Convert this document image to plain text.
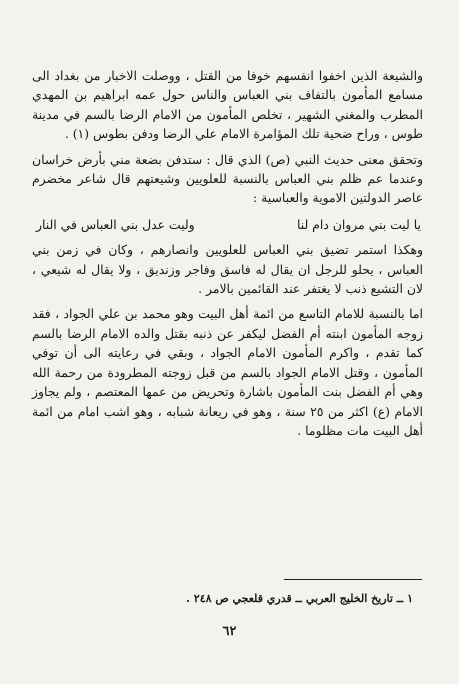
والشيعة الذين اخفوا انفسهم خوفا من القتل ، ووصلت الاخبار من بغداد الى مسامع المأمون بالتفاف بني العباس والناس حول عمه ابراهيم بن المهدي المطرب والمغني الشهير ، تخلص المأمون من الامام الرضا بالسم في مدينة طوس ، وراح ضحية تلك المؤامرة الامام علي الرضا ودفن بطوس (١) .

وتحقق معنى حديث النبي (ص) الذي قال : ستدفن بضعة مني بأرض خراسان وعندما عم ظلم بني العباس بالنسبة للعلويين وشيعتهم قال شاعر مخضرم عاصر الدولتين الاموية والعباسية :

يا ليت بني مروان دام لنا
وليت عدل بني العباس في النار

وهكذا استمر تضيق بني العباس للعلويين وانصارهم ، وكان في زمن بني العباس ، يحلو للرجل ان يقال له فاسق وفاجر وزنديق ، ولا يقال له شيعي ، لان التشيع ذنب لا يغتفر عند القائمين بالامر .

اما بالنسبة للامام التاسع من ائمة أهل البيت وهو محمد بن علي الجواد ، فقد زوجه المأمون ابنته أم الفضل ليكفر عن ذنبه بقتل والده الامام الرضا بالسم كما تقدم ، واكرم المأمون الامام الجواد ، وبقي في رعايته الى أن توفي المأمون ، وقتل الامام الجواد بالسم من قبل زوجته المطرودة من رحمة الله وهي أم الفضل بنت المأمون باشارة وتحريض من عمها المعتصم ، ولم يجاوز الامام (ع) اكثر من ٢٥ سنة ، وهو في ريعانة شبابه ، وهو اشب امام من ائمة أهل البيت مات مظلوما .

١ ــ تاريخ الخليج العربي ــ قدري قلعجي ص ٢٤٨ .
٦٢
